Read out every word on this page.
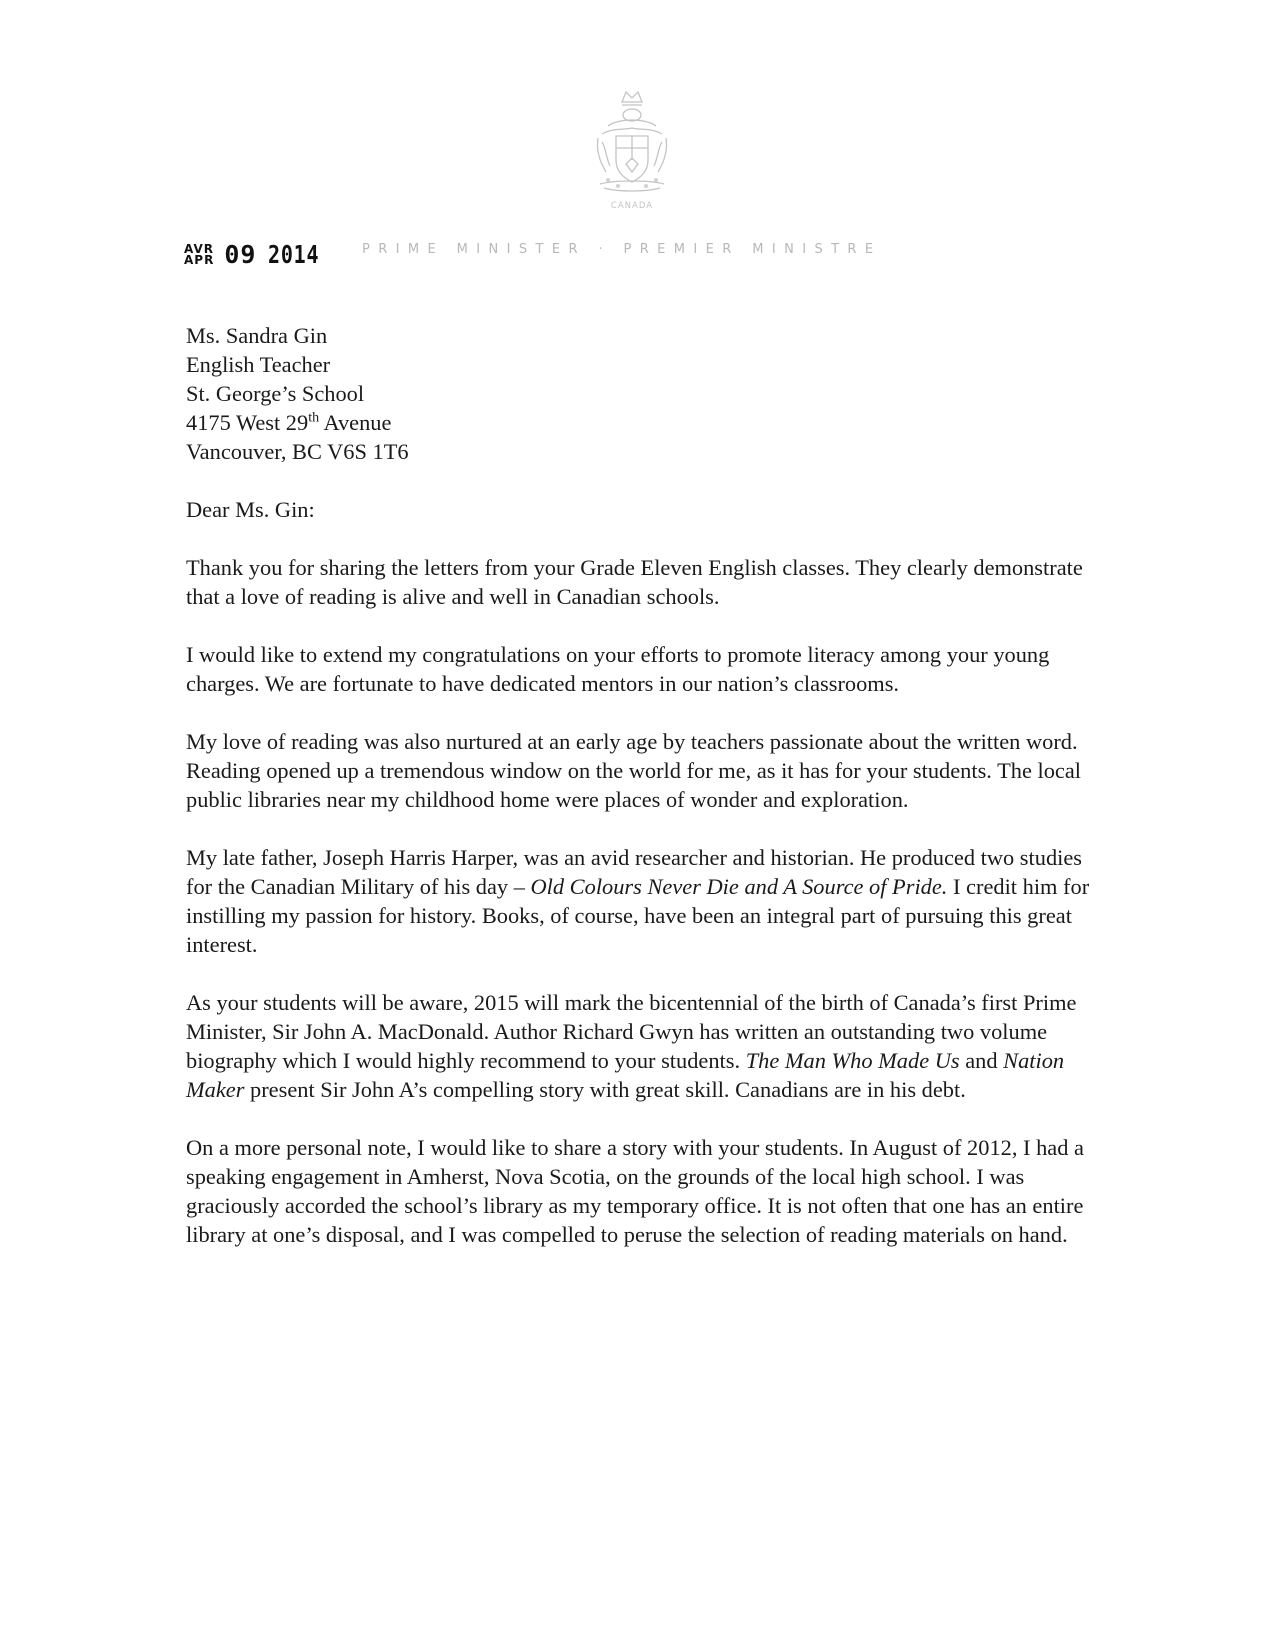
CANADA
AVR
APR 09 2014	PRIME MINISTER · PREMIER MINISTRE
Ms. Sandra Gin
English Teacher
St. George’s School
4175 West 29th Avenue
Vancouver, BC V6S 1T6
Dear Ms. Gin:

Thank you for sharing the letters from your Grade Eleven English classes. They clearly demonstrate that a love of reading is alive and well in Canadian schools.

I would like to extend my congratulations on your efforts to promote literacy among your young charges. We are fortunate to have dedicated mentors in our nation’s classrooms.

My love of reading was also nurtured at an early age by teachers passionate about the written word. Reading opened up a tremendous window on the world for me, as it has for your students. The local public libraries near my childhood home were places of wonder and exploration.

My late father, Joseph Harris Harper, was an avid researcher and historian. He produced two studies for the Canadian Military of his day – Old Colours Never Die and A Source of Pride. I credit him for instilling my passion for history. Books, of course, have been an integral part of pursuing this great interest.

As your students will be aware, 2015 will mark the bicentennial of the birth of Canada’s first Prime Minister, Sir John A. MacDonald. Author Richard Gwyn has written an outstanding two volume biography which I would highly recommend to your students. The Man Who Made Us and Nation Maker present Sir John A’s compelling story with great skill. Canadians are in his debt.

On a more personal note, I would like to share a story with your students. In August of 2012, I had a speaking engagement in Amherst, Nova Scotia, on the grounds of the local high school. I was graciously accorded the school’s library as my temporary office. It is not often that one has an entire library at one’s disposal, and I was compelled to peruse the selection of reading materials on hand.
